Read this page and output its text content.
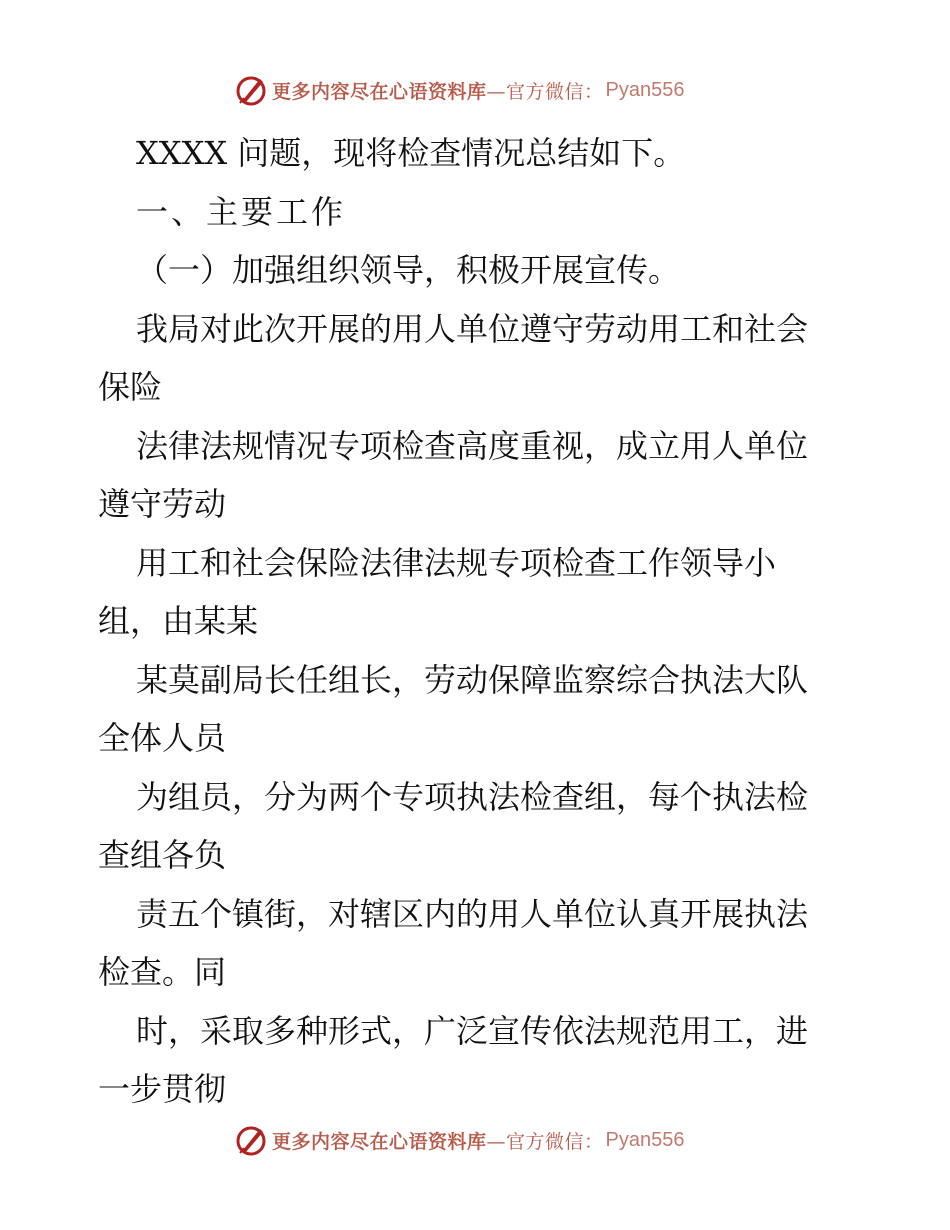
更多内容尽在心语资料库 —官方微信： Pyan556
XXXX 问题，现将检查情况总结如下。
一、主要工作
（一）加强组织领导，积极开展宣传。
我局对此次开展的用人单位遵守劳动用工和社会
保险
法律法规情况专项检查高度重视，成立用人单位
遵守劳动
用工和社会保险法律法规专项检查工作领导小
组，由某某
某莫副局长任组长，劳动保障监察综合执法大队
全体人员
为组员，分为两个专项执法检查组，每个执法检
查组各负
责五个镇街，对辖区内的用人单位认真开展执法
检查。同
时，采取多种形式，广泛宣传依法规范用工，进
一步贯彻
更多内容尽在心语资料库 —官方微信： Pyan556
